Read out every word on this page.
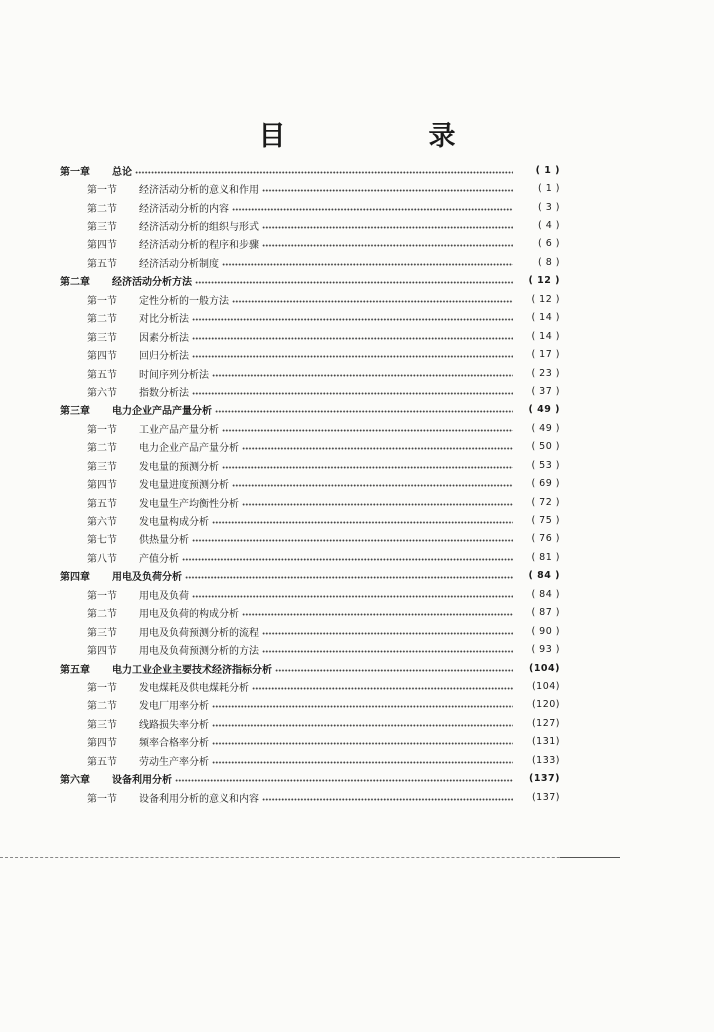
目　录
第一章	总论	( 1 )
第一节	经济活动分析的意义和作用	( 1 )
第二节	经济活动分析的内容	( 3 )
第三节	经济活动分析的组织与形式	( 4 )
第四节	经济活动分析的程序和步骤	( 6 )
第五节	经济活动分析制度	( 8 )
第二章	经济活动分析方法	( 12 )
第一节	定性分析的一般方法	( 12 )
第二节	对比分析法	( 14 )
第三节	因素分析法	( 14 )
第四节	回归分析法	( 17 )
第五节	时间序列分析法	( 23 )
第六节	指数分析法	( 37 )
第三章	电力企业产品产量分析	( 49 )
第一节	工业产品产量分析	( 49 )
第二节	电力企业产品产量分析	( 50 )
第三节	发电量的预测分析	( 53 )
第四节	发电量进度预测分析	( 69 )
第五节	发电量生产均衡性分析	( 72 )
第六节	发电量构成分析	( 75 )
第七节	供热量分析	( 76 )
第八节	产值分析	( 81 )
第四章	用电及负荷分析	( 84 )
第一节	用电及负荷	( 84 )
第二节	用电及负荷的构成分析	( 87 )
第三节	用电及负荷预测分析的流程	( 90 )
第四节	用电及负荷预测分析的方法	( 93 )
第五章	电力工业企业主要技术经济指标分析	(104)
第一节	发电煤耗及供电煤耗分析	(104)
第二节	发电厂用率分析	(120)
第三节	线路损失率分析	(127)
第四节	频率合格率分析	(131)
第五节	劳动生产率分析	(133)
第六章	设备利用分析	(137)
第一节	设备利用分析的意义和内容	(137)
